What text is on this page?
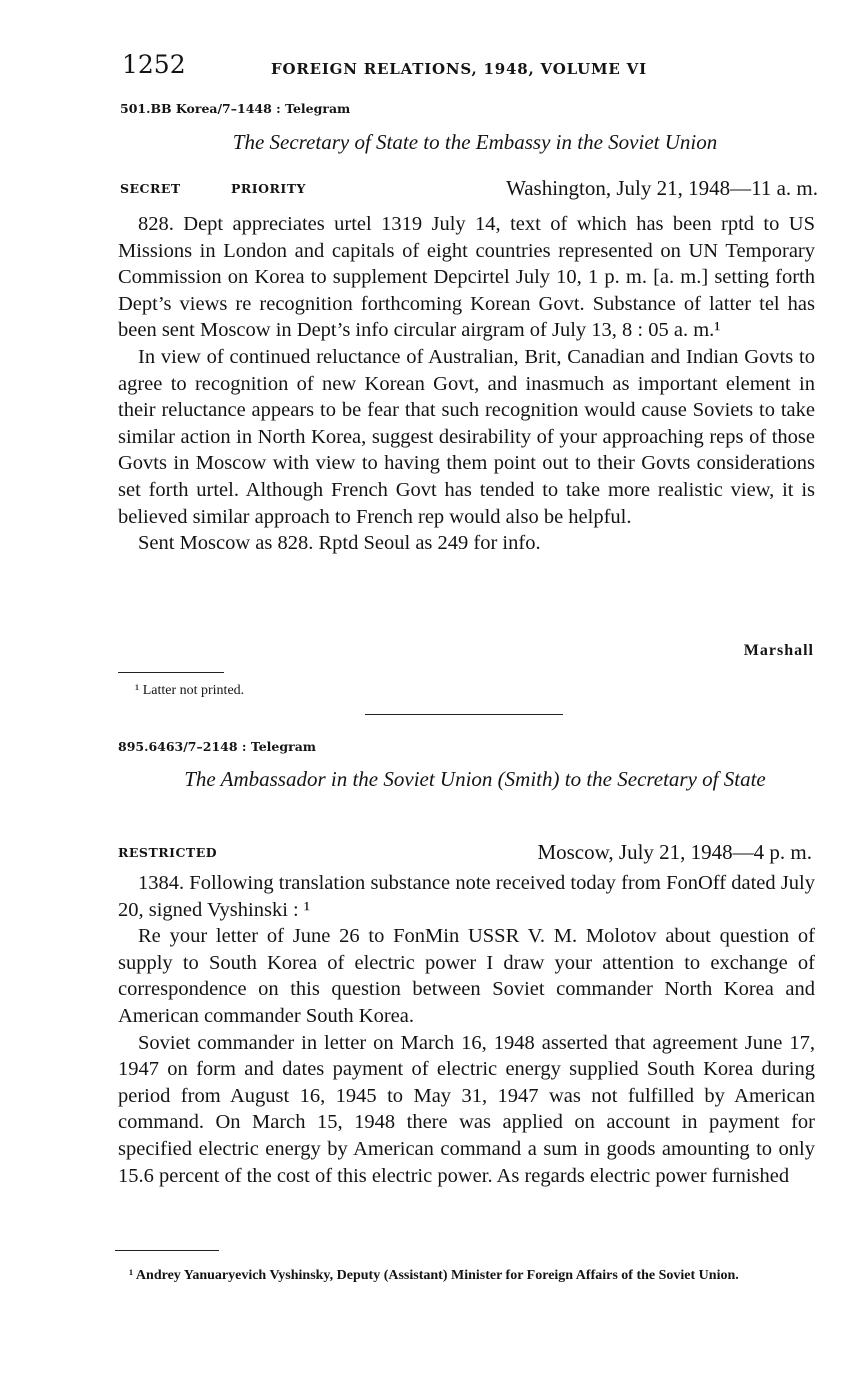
1252	FOREIGN RELATIONS, 1948, VOLUME VI
501.BB Korea/7–1448 : Telegram
The Secretary of State to the Embassy in the Soviet Union
SECRET	PRIORITY	Washington, July 21, 1948—11 a. m.

828. Dept appreciates urtel 1319 July 14, text of which has been rptd to US Missions in London and capitals of eight countries represented on UN Temporary Commission on Korea to supplement Depcirtel July 10, 1 p. m. [a. m.] setting forth Dept’s views re recognition forthcoming Korean Govt. Substance of latter tel has been sent Moscow in Dept’s info circular airgram of July 13, 8 : 05 a. m.¹

In view of continued reluctance of Australian, Brit, Canadian and Indian Govts to agree to recognition of new Korean Govt, and inasmuch as important element in their reluctance appears to be fear that such recognition would cause Soviets to take similar action in North Korea, suggest desirability of your approaching reps of those Govts in Moscow with view to having them point out to their Govts considerations set forth urtel. Although French Govt has tended to take more realistic view, it is believed similar approach to French rep would also be helpful.

Sent Moscow as 828. Rptd Seoul as 249 for info.

Marshall
¹ Latter not printed.
895.6463/7–2148 : Telegram
The Ambassador in the Soviet Union (Smith) to the Secretary of State
RESTRICTED	Moscow, July 21, 1948—4 p. m.

1384. Following translation substance note received today from FonOff dated July 20, signed Vyshinski : ¹

Re your letter of June 26 to FonMin USSR V. M. Molotov about question of supply to South Korea of electric power I draw your attention to exchange of correspondence on this question between Soviet commander North Korea and American commander South Korea.

Soviet commander in letter on March 16, 1948 asserted that agreement June 17, 1947 on form and dates payment of electric energy supplied South Korea during period from August 16, 1945 to May 31, 1947 was not fulfilled by American command. On March 15, 1948 there was applied on account in payment for specified electric energy by American command a sum in goods amounting to only 15.6 percent of the cost of this electric power. As regards electric power furnished

¹ Andrey Yanuaryevich Vyshinsky, Deputy (Assistant) Minister for Foreign Affairs of the Soviet Union.
